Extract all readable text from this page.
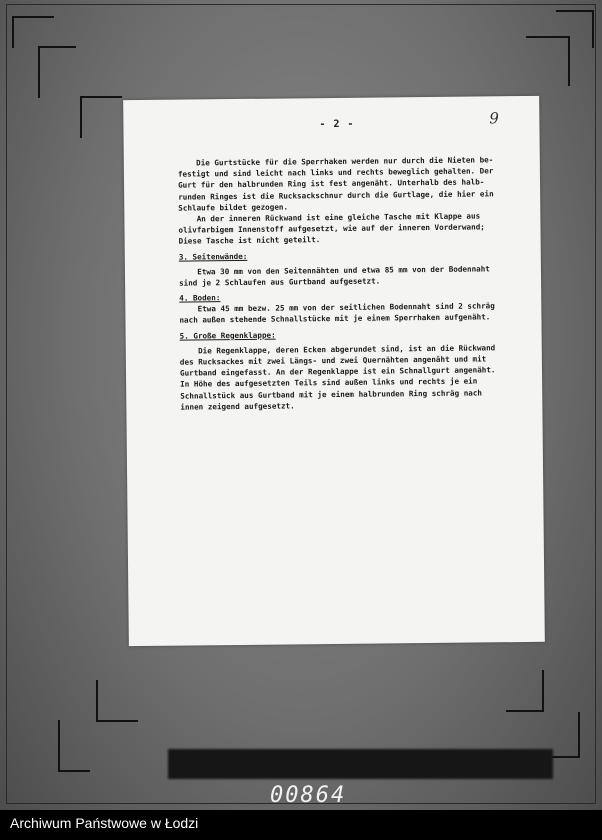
- 2 -	9
Die Gurtstücke für die Sperrhaken werden nur durch die Nieten be-
festigt und sind leicht nach links und rechts beweglich gehalten. Der
Gurt für den halbrunden Ring ist fest angenäht. Unterhalb des halb-
runden Ringes ist die Rucksackschnur durch die Gurtlage, die hier ein
Schlaufe bildet gezogen.
An der inneren Rückwand ist eine gleiche Tasche mit Klappe aus
olivfarbigem Innenstoff aufgesetzt, wie auf der inneren Vorderwand;
Diese Tasche ist nicht geteilt.
3. Seitenwände:
Etwa 30 mm von den Seitennähten und etwa 85 mm von der Bodennaht
sind je 2 Schlaufen aus Gurtband aufgesetzt.
4. Boden:
Etwa 45 mm bezw. 25 mm von der seitlichen Bodennaht sind 2 schräg
nach außen stehende Schnallstücke mit je einem Sperrhaken aufgenäht.
5. Große Regenklappe:
Die Regenklappe, deren Ecken abgerundet sind, ist an die Rückwand
des Rucksackes mit zwei Längs- und zwei Quernähten angenäht und mit
Gurtband eingefasst. An der Regenklappe ist ein Schnallgurt angenäht.
In Höhe des aufgesetzten Teils sind außen links und rechts je ein
Schnallstück aus Gurtband mit je einem halbrunden Ring schräg nach
innen zeigend aufgesetzt.
00864
Archiwum Państwowe w Łodzi
